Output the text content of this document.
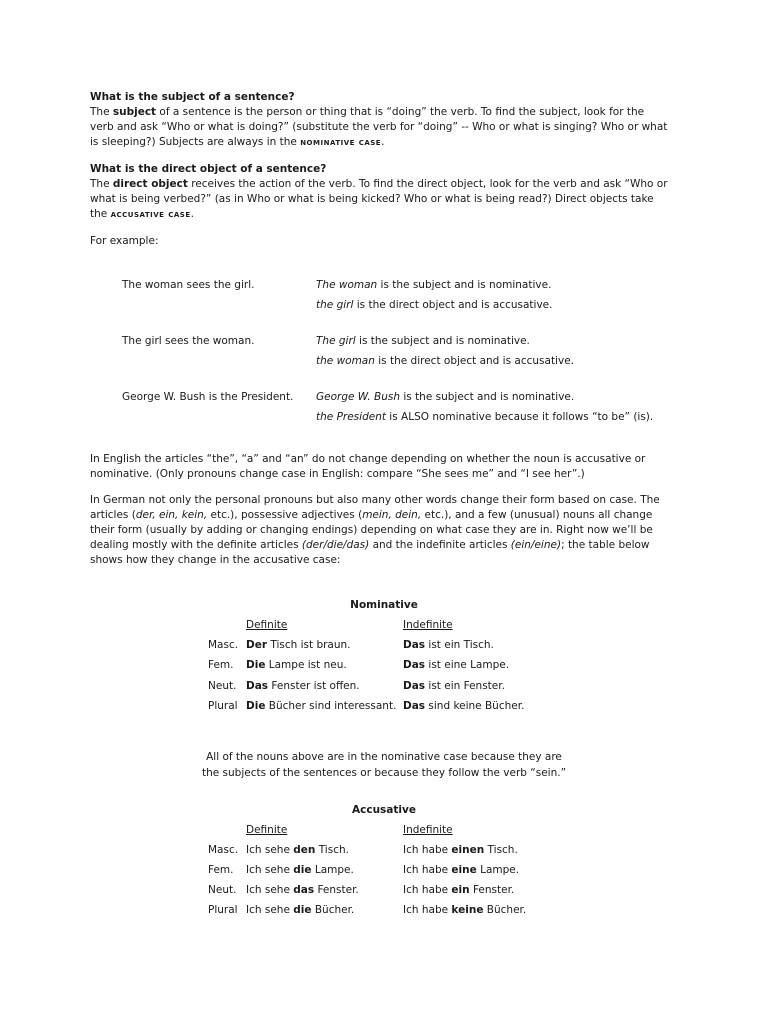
What is the subject of a sentence?

The subject of a sentence is the person or thing that is “doing” the verb. To find the subject, look for the verb and ask “Who or what is doing?” (substitute the verb for “doing” -- Who or what is singing? Who or what is sleeping?) Subjects are always in the nominative case.

What is the direct object of a sentence?

The direct object receives the action of the verb. To find the direct object, look for the verb and ask “Who or what is being verbed?” (as in Who or what is being kicked? Who or what is being read?) Direct objects take the accusative case.

For example:

The woman sees the girl.	The woman is the subject and is nominative.
the girl is the direct object and is accusative.
The girl sees the woman.	The girl is the subject and is nominative.
the woman is the direct object and is accusative.
George W. Bush is the President.	George W. Bush is the subject and is nominative.
the President is ALSO nominative because it follows “to be” (is).

In English the articles “the”, “a” and “an” do not change depending on whether the noun is accusative or nominative. (Only pronouns change case in English: compare “She sees me” and “I see her”.)

In German not only the personal pronouns but also many other words change their form based on case. The articles (der, ein, kein, etc.), possessive adjectives (mein, dein, etc.), and a few (unusual) nouns all change their form (usually by adding or changing endings) depending on what case they are in. Right now we’ll be dealing mostly with the definite articles (der/die/das) and the indefinite articles (ein/eine); the table below shows how they change in the accusative case:

Nominative
Definite	Indefinite
Masc. Der Tisch ist braun.	Das ist ein Tisch.
Fem. Die Lampe ist neu.	Das ist eine Lampe.
Neut. Das Fenster ist offen.	Das ist ein Fenster.
Plural Die Bücher sind interessant. Das sind keine Bücher.
All of the nouns above are in the nominative case because they are
the subjects of the sentences or because they follow the verb “sein.”
Accusative
Definite	Indefinite
Masc. Ich sehe den Tisch.	Ich habe einen Tisch.
Fem. Ich sehe die Lampe.	Ich habe eine Lampe.
Neut. Ich sehe das Fenster.	Ich habe ein Fenster.
Plural Ich sehe die Bücher.	Ich habe keine Bücher.
